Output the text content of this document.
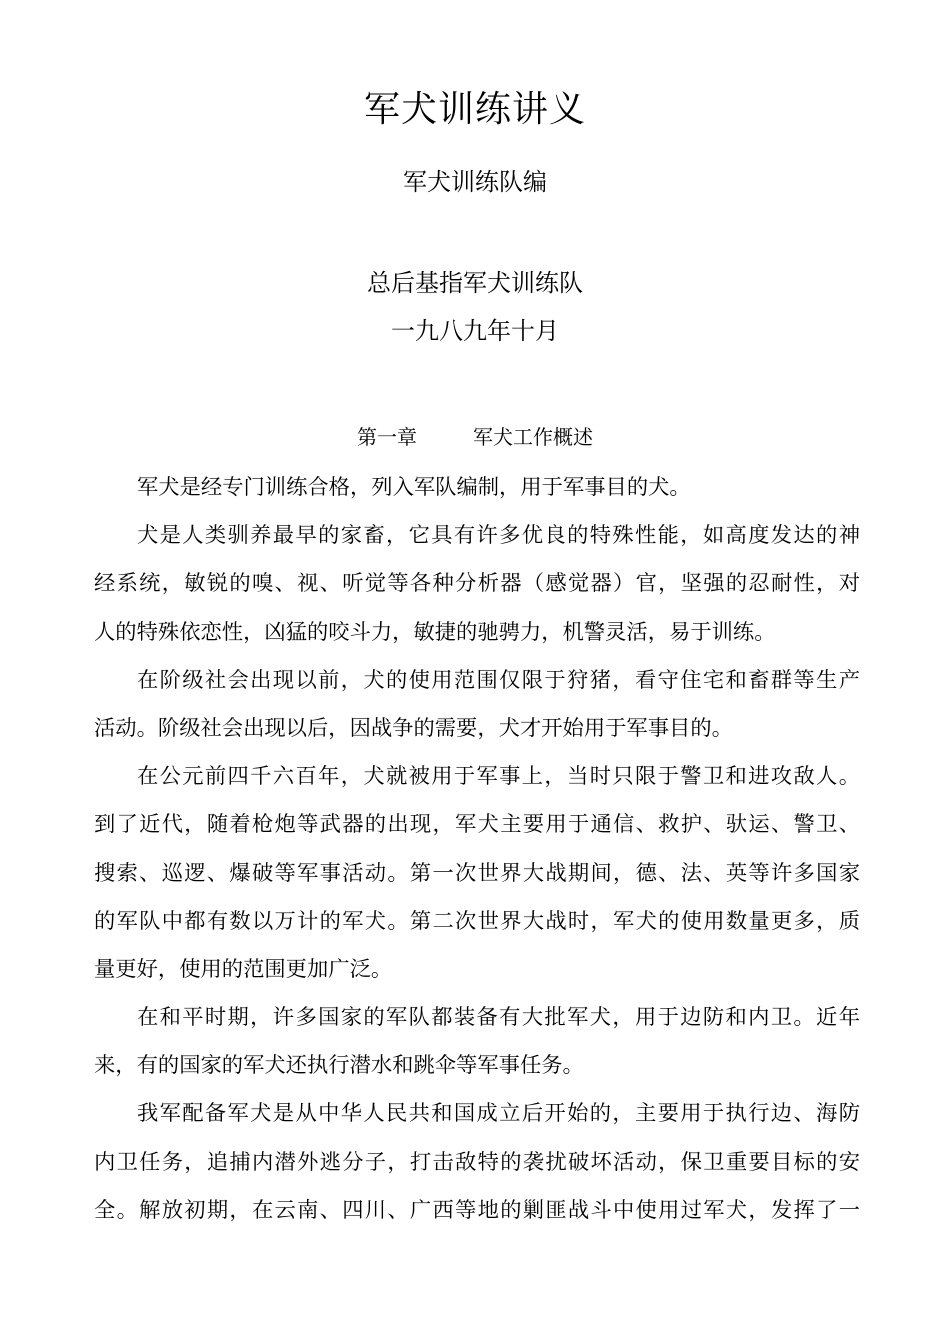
军犬训练讲义
军犬训练队编
总后基指军犬训练队
一九八九年十月
第一章	军犬工作概述
军犬是经专门训练合格，列入军队编制，用于军事目的犬。
犬是人类驯养最早的家畜，它具有许多优良的特殊性能，如高度发达的神
经系统，敏锐的嗅、视、听觉等各种分析器（感觉器）官，坚强的忍耐性，对
人的特殊依恋性，凶猛的咬斗力，敏捷的驰骋力，机警灵活，易于训练。
在阶级社会出现以前，犬的使用范围仅限于狩猪，看守住宅和畜群等生产
活动。阶级社会出现以后，因战争的需要，犬才开始用于军事目的。
在公元前四千六百年，犬就被用于军事上，当时只限于警卫和进攻敌人。
到了近代，随着枪炮等武器的出现，军犬主要用于通信、救护、驮运、警卫、
搜索、巡逻、爆破等军事活动。第一次世界大战期间，德、法、英等许多国家
的军队中都有数以万计的军犬。第二次世界大战时，军犬的使用数量更多，质
量更好，使用的范围更加广泛。
在和平时期，许多国家的军队都装备有大批军犬，用于边防和内卫。近年
来，有的国家的军犬还执行潜水和跳伞等军事任务。
我军配备军犬是从中华人民共和国成立后开始的，主要用于执行边、海防
内卫任务，追捕内潜外逃分子，打击敌特的袭扰破坏活动，保卫重要目标的安
全。解放初期，在云南、四川、广西等地的剿匪战斗中使用过军犬，发挥了一
